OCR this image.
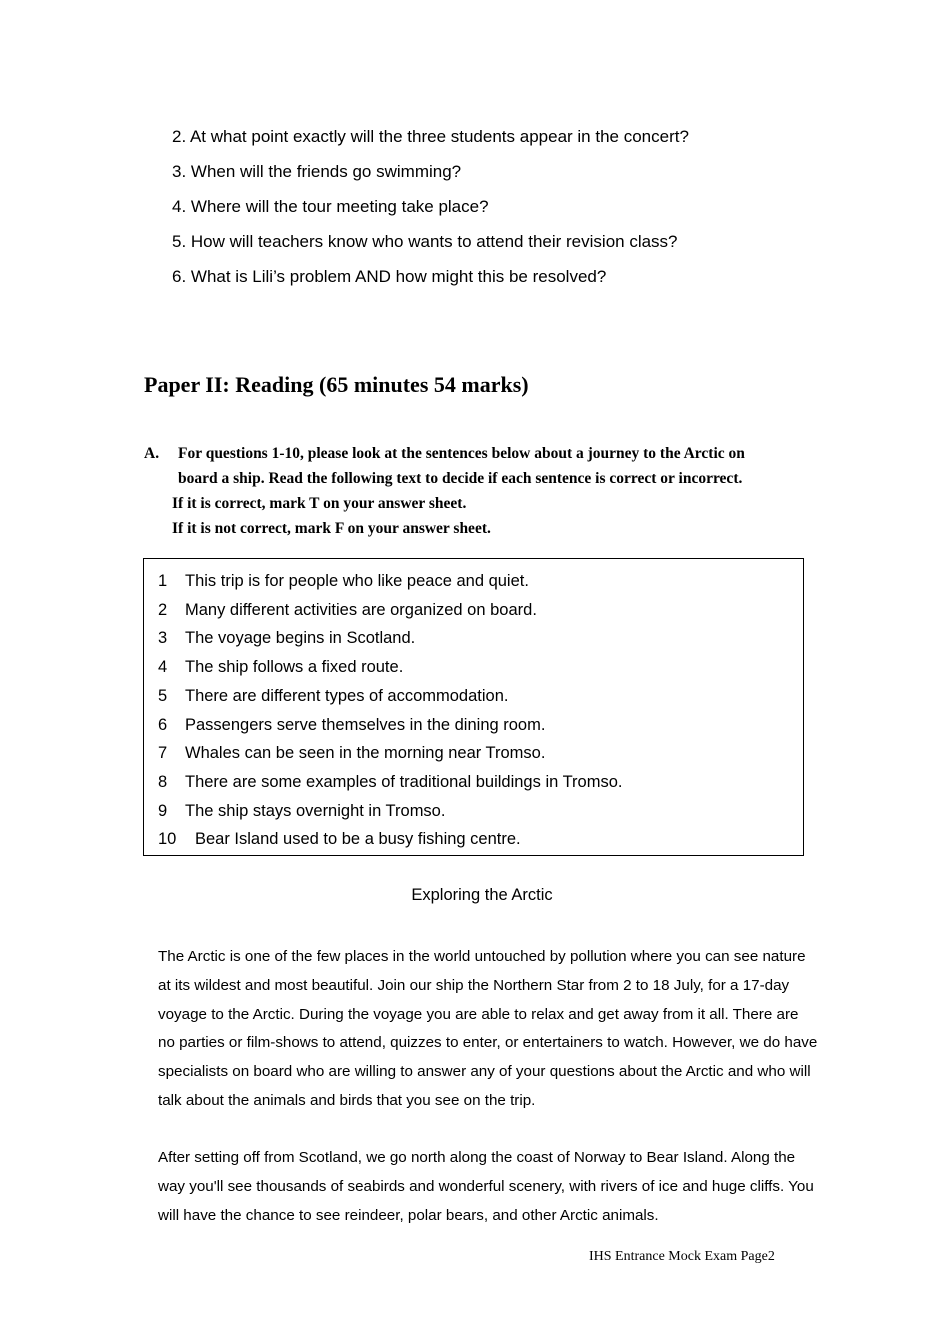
2. At what point exactly will the three students appear in the concert?
3. When will the friends go swimming?
4. Where will the tour meeting take place?
5. How will teachers know who wants to attend their revision class?
6. What is Lili’s problem AND how might this be resolved?
Paper II: Reading (65 minutes 54 marks)
A. For questions 1-10, please look at the sentences below about a journey to the Arctic on
board a ship. Read the following text to decide if each sentence is correct or incorrect.
If it is correct, mark T on your answer sheet.
If it is not correct, mark F on your answer sheet.
1 This trip is for people who like peace and quiet.
2 Many different activities are organized on board.
3 The voyage begins in Scotland.
4 The ship follows a fixed route.
5 There are different types of accommodation.
6 Passengers serve themselves in the dining room.
7 Whales can be seen in the morning near Tromso.
8 There are some examples of traditional buildings in Tromso.
9 The ship stays overnight in Tromso.
10 Bear Island used to be a busy fishing centre.
Exploring the Arctic
The Arctic is one of the few places in the world untouched by pollution where you can see nature at its wildest and most beautiful. Join our ship the Northern Star from 2 to 18 July, for a 17-day voyage to the Arctic. During the voyage you are able to relax and get away from it all. There are no parties or film-shows to attend, quizzes to enter, or entertainers to watch. However, we do have specialists on board who are willing to answer any of your questions about the Arctic and who will talk about the animals and birds that you see on the trip.
After setting off from Scotland, we go north along the coast of Norway to Bear Island. Along the way you'll see thousands of seabirds and wonderful scenery, with rivers of ice and huge cliffs. You will have the chance to see reindeer, polar bears, and other Arctic animals.
IHS Entrance Mock Exam Page2
